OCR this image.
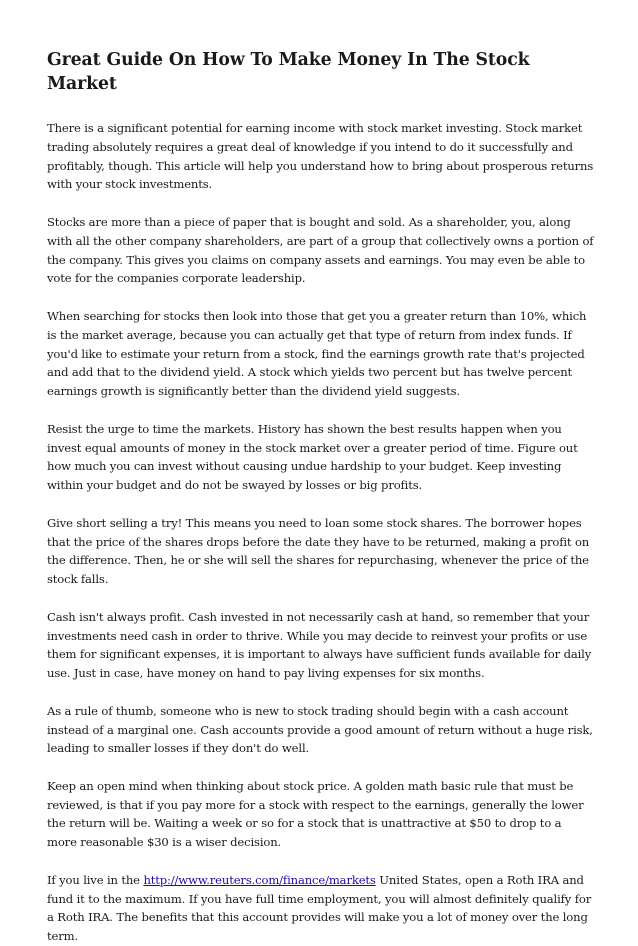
Great Guide On How To Make Money In The Stock Market

There is a significant potential for earning income with stock market investing. Stock market trading absolutely requires a great deal of knowledge if you intend to do it successfully and profitably, though. This article will help you understand how to bring about prosperous returns with your stock investments.

Stocks are more than a piece of paper that is bought and sold. As a shareholder, you, along with all the other company shareholders, are part of a group that collectively owns a portion of the company. This gives you claims on company assets and earnings. You may even be able to vote for the companies corporate leadership.

When searching for stocks then look into those that get you a greater return than 10%, which is the market average, because you can actually get that type of return from index funds. If you'd like to estimate your return from a stock, find the earnings growth rate that's projected and add that to the dividend yield. A stock which yields two percent but has twelve percent earnings growth is significantly better than the dividend yield suggests.

Resist the urge to time the markets. History has shown the best results happen when you invest equal amounts of money in the stock market over a greater period of time. Figure out how much you can invest without causing undue hardship to your budget. Keep investing within your budget and do not be swayed by losses or big profits.

Give short selling a try! This means you need to loan some stock shares. The borrower hopes that the price of the shares drops before the date they have to be returned, making a profit on the difference. Then, he or she will sell the shares for repurchasing, whenever the price of the stock falls.

Cash isn't always profit. Cash invested in not necessarily cash at hand, so remember that your investments need cash in order to thrive. While you may decide to reinvest your profits or use them for significant expenses, it is important to always have sufficient funds available for daily use. Just in case, have money on hand to pay living expenses for six months.

As a rule of thumb, someone who is new to stock trading should begin with a cash account instead of a marginal one. Cash accounts provide a good amount of return without a huge risk, leading to smaller losses if they don't do well.

Keep an open mind when thinking about stock price. A golden math basic rule that must be reviewed, is that if you pay more for a stock with respect to the earnings, generally the lower the return will be. Waiting a week or so for a stock that is unattractive at $50 to drop to a more reasonable $30 is a wiser decision.

If you live in the http://www.reuters.com/finance/markets United States, open a Roth IRA and fund it to the maximum. If you have full time employment, you will almost definitely qualify for a Roth IRA. The benefits that this account provides will make you a lot of money over the long term.
